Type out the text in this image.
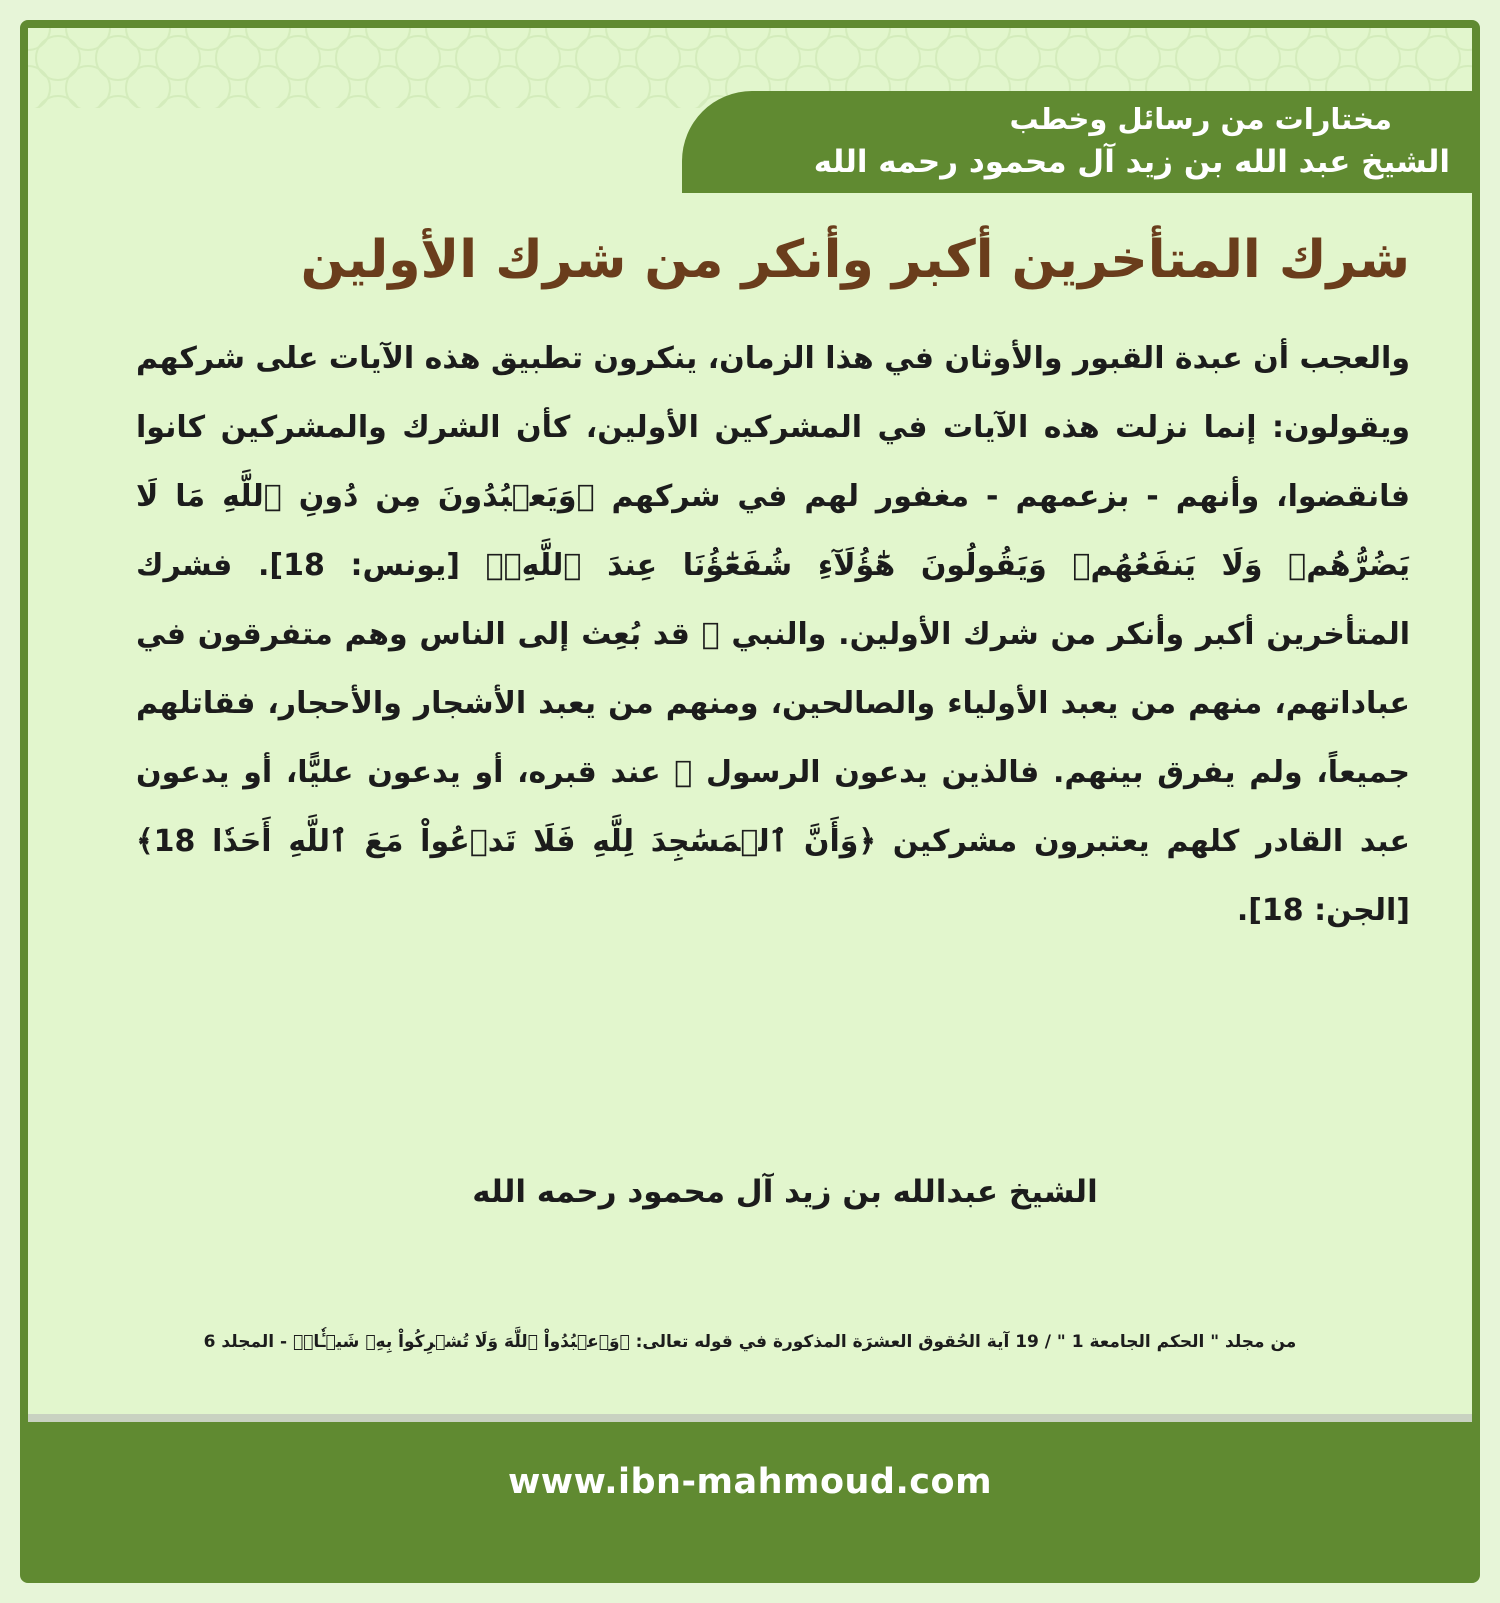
مختارات من رسائل وخطب
الشيخ عبد الله بن زيد آل محمود رحمه الله
شرك المتأخرين أكبر وأنكر من شرك الأولين
والعجب أن عبدة القبور والأوثان في هذا الزمان، ينكرون تطبيق هذه الآيات على شركهم ويقولون: إنما نزلت هذه الآيات في المشركين الأولين، كأن الشرك والمشركين كانوا فانقضوا، وأنهم - بزعمهم - مغفور لهم في شركهم ﴿وَيَعۡبُدُونَ مِن دُونِ ٱللَّهِ مَا لَا يَضُرُّهُمۡ وَلَا يَنفَعُهُمۡ وَيَقُولُونَ هَٰٓؤُلَآءِ شُفَعَٰٓؤُنَا عِندَ ٱللَّهِۚ﴾ [يونس: 18]. فشرك المتأخرين أكبر وأنكر من شرك الأولين. والنبي ﷺ قد بُعِث إلى الناس وهم متفرقون في عباداتهم، منهم من يعبد الأولياء والصالحين، ومنهم من يعبد الأشجار والأحجار، فقاتلهم جميعاً، ولم يفرق بينهم. فالذين يدعون الرسول ﷺ عند قبره، أو يدعون عليًّا، أو يدعون عبد القادر كلهم يعتبرون مشركين ﴿وَأَنَّ ٱلۡمَسَٰجِدَ لِلَّهِ فَلَا تَدۡعُواْ مَعَ ٱللَّهِ أَحَدٗا 18﴾ [الجن: 18].
الشيخ عبدالله بن زيد آل محمود رحمه الله
من مجلد " الحكم الجامعة 1 " / 19 آية الحُقوق العشرَة المذكورة في قوله تعالى: ﴿وَٱعۡبُدُواْ ٱللَّهَ وَلَا تُشۡرِكُواْ بِهِۦ شَيۡـٔٗاۖ﴾ - المجلد 6
www.ibn-mahmoud.com
